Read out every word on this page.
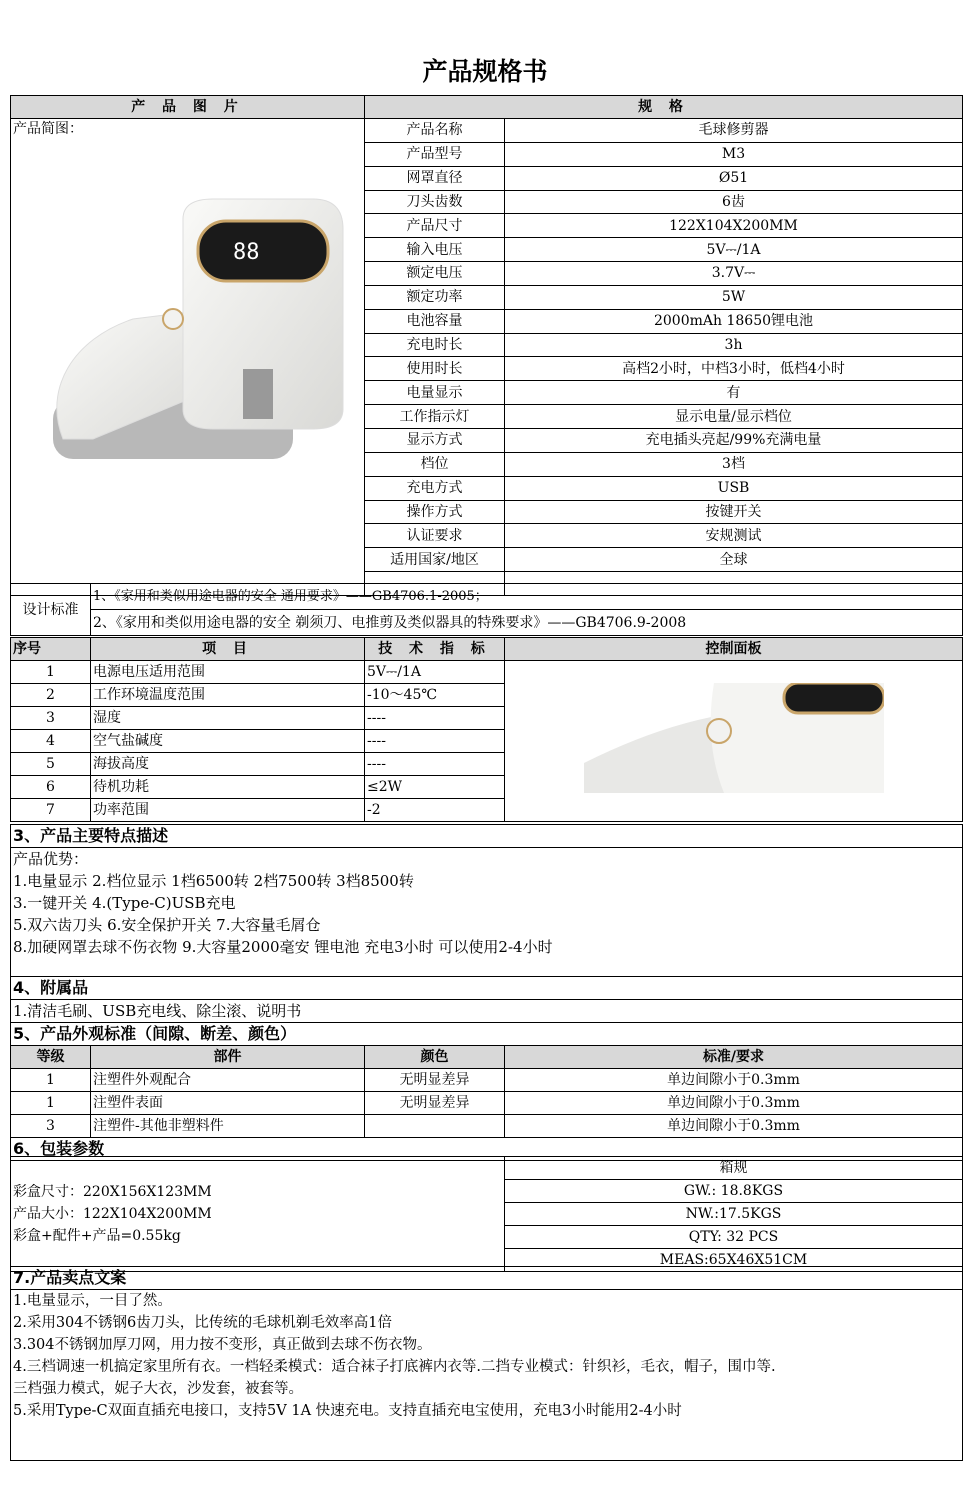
产品规格书
产 品 图 片	规 格	

产品简图：
88	产品名称	毛球修剪器
	产品型号	M3
	网罩直径	Ø51
	刀头齿数	6齿
	产品尺寸	122X104X200MM
	输入电压	5V⎓/1A
	额定电压	3.7V⎓
	额定功率	5W
	电池容量	2000mAh 18650锂电池
	充电时长	3h
	使用时长	高档2小时，中档3小时，低档4小时
	电量显示	有
	工作指示灯	显示电量/显示档位
	显示方式	充电插头亮起/99%充满电量
	档位	3档
	充电方式	USB
	操作方式	按键开关
	认证要求	安规测试
	适用国家/地区	全球

设计标准	1、《家用和类似用途电器的安全 通用要求》——GB4706.1-2005；
2、《家用和类似用途电器的安全 剃须刀、电推剪及类似器具的特殊要求》——GB4706.9-2008
序号	项 目	技 术 指 标	控制面板
1	电源电压适用范围	5V⎓/1A	
2	工作环境温度范围	-10～45℃	
3	湿度	----	
4	空气盐碱度	----	
5	海拔高度	----	
6	待机功耗	≤2W	
7	功率范围	-2	
3、产品主要特点描述			

产品优势：
1.电量显示 2.档位显示 1档6500转 2档7500转 3档8500转
3.一键开关 4.(Type-C)USB充电
5.双六齿刀头 6.安全保护开关 7.大容量毛屑仓
8.加硬网罩去球不伤衣物 9.大容量2000毫安 锂电池 充电3小时 可以使用2-4小时			

4、附属品			
1.清洁毛刷、USB充电线、除尘滚、说明书			
5、产品外观标准（间隙、断差、颜色）			
等级	部件	颜色	标准/要求
1	注塑件外观配合	无明显差异	单边间隙小于0.3mm
1	注塑件表面	无明显差异	单边间隙小于0.3mm
3	注塑件-其他非塑料件		单边间隙小于0.3mm
6、包装参数			
彩盒尺寸：220X156X123MM
产品大小：122X104X200MM
彩盒+配件+产品=0.55kg
	箱规
GW.: 18.8KGS
NW.:17.5KGS
QTY: 32 PCS
MEAS:65X46X51CM
7.产品卖点文案

1.电量显示，一目了然。
2.采用304不锈钢6齿刀头，比传统的毛球机剃毛效率高1倍
3.304不锈钢加厚刀网，用力按不变形，真正做到去球不伤衣物。
4.三档调速一机搞定家里所有衣。一档轻柔模式：适合袜子打底裤内衣等.二挡专业模式：针织衫，毛衣，帽子，围巾等.
三档强力模式，妮子大衣，沙发套，被套等。
5.采用Type-C双面直插充电接口，支持5V 1A 快速充电。支持直插充电宝使用，充电3小时能用2-4小时
